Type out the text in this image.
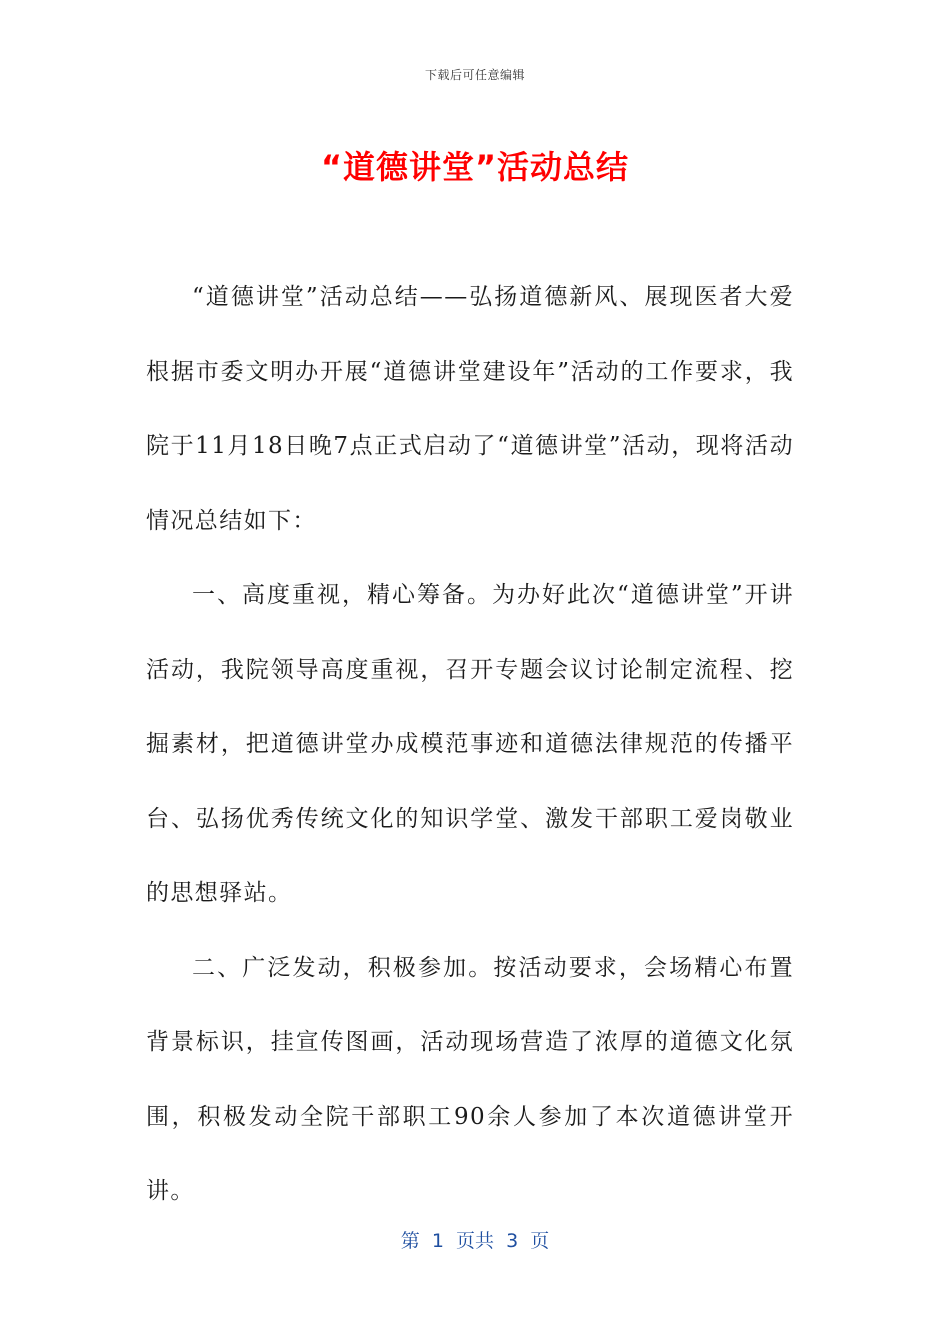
下载后可任意编辑
“道德讲堂”活动总结

“道德讲堂”活动总结——弘扬道德新风、展现医者大爱根据市委文明办开展“道德讲堂建设年”活动的工作要求，我院于11月18日晚7点正式启动了“道德讲堂”活动，现将活动情况总结如下：

一、高度重视，精心筹备。为办好此次“道德讲堂”开讲活动，我院领导高度重视，召开专题会议讨论制定流程、挖掘素材，把道德讲堂办成模范事迹和道德法律规范的传播平台、弘扬优秀传统文化的知识学堂、激发干部职工爱岗敬业的思想驿站。

二、广泛发动，积极参加。按活动要求，会场精心布置背景标识，挂宣传图画，活动现场营造了浓厚的道德文化氛围，积极发动全院干部职工90余人参加了本次道德讲堂开讲。

第  1  页共  3  页
